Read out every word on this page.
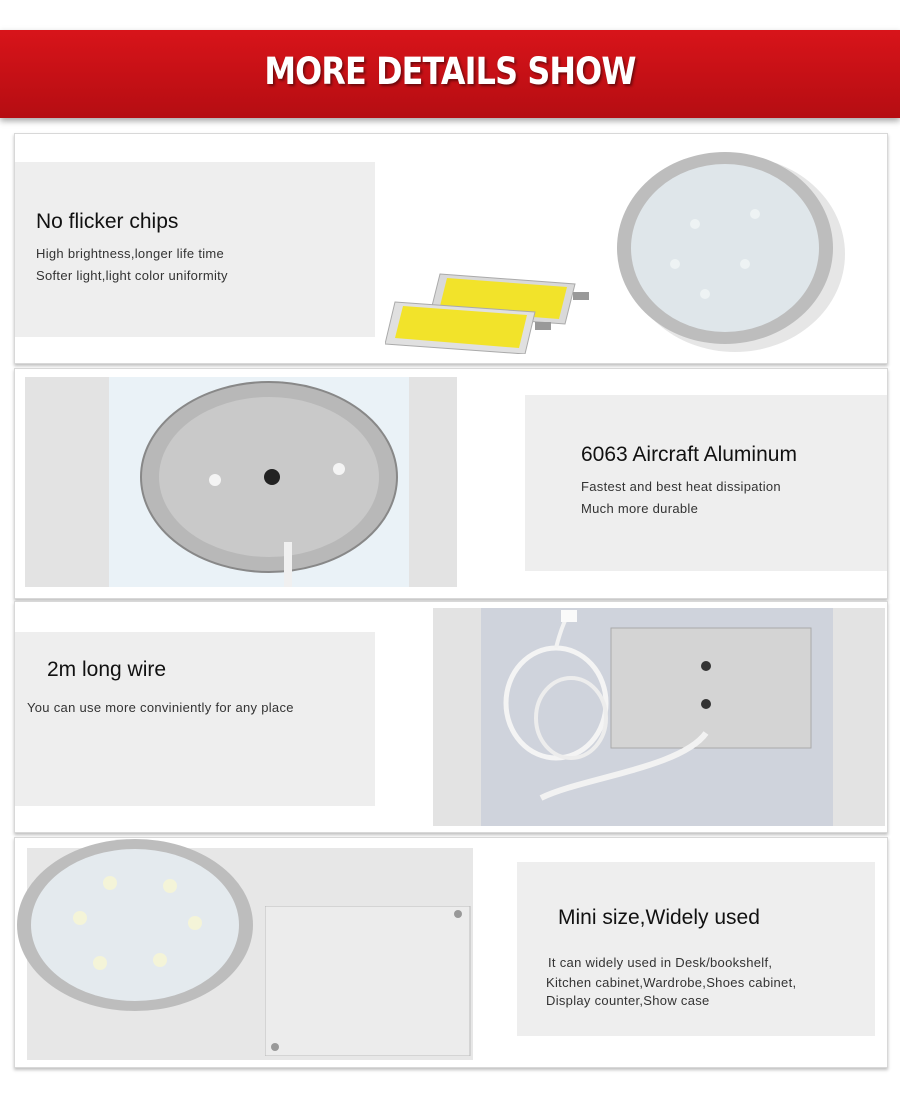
MORE DETAILS SHOW
No flicker chips
High brightness,longer life time
Softer light,light color uniformity
6063 Aircraft Aluminum
Fastest and best heat dissipation
Much more durable
2m long wire
You can use more conviniently for any place
Mini size,Widely used
It can widely used in Desk/bookshelf,
Kitchen cabinet,Wardrobe,Shoes cabinet,
Display counter,Show case
